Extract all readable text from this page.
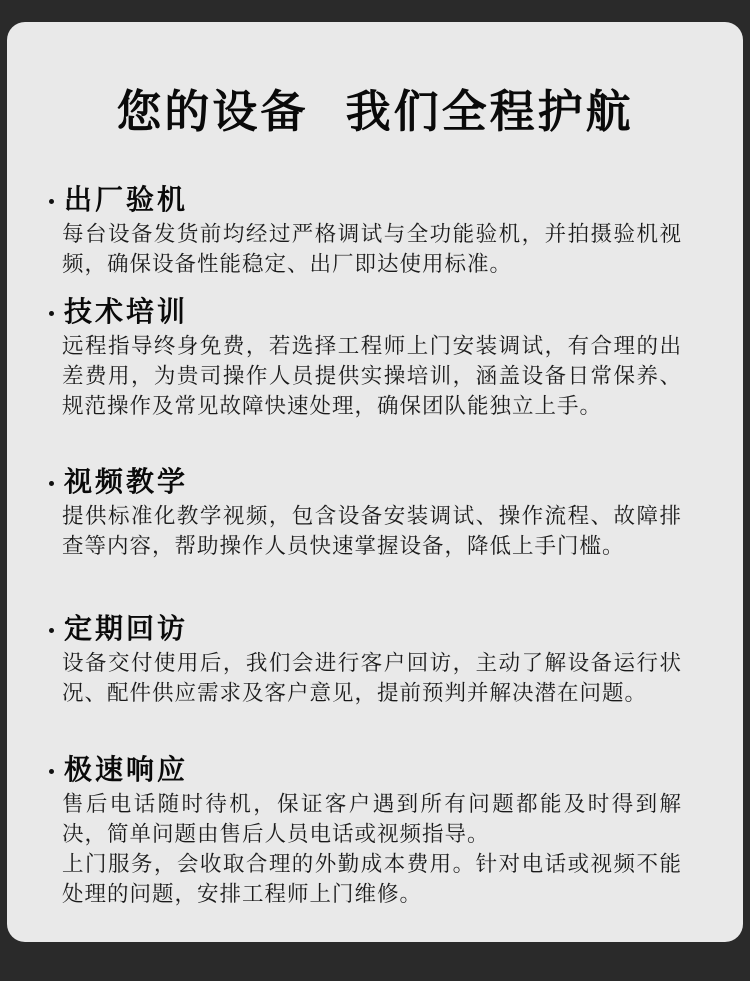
您的设备  我们全程护航
出厂验机

每台设备发货前均经过严格调试与全功能验机，并拍摄验机视频，确保设备性能稳定、出厂即达使用标准。

技术培训

远程指导终身免费，若选择工程师上门安装调试，有合理的出差费用，为贵司操作人员提供实操培训，涵盖设备日常保养、规范操作及常见故障快速处理，确保团队能独立上手。

视频教学

提供标准化教学视频，包含设备安装调试、操作流程、故障排查等内容，帮助操作人员快速掌握设备，降低上手门槛。

定期回访

设备交付使用后，我们会进行客户回访，主动了解设备运行状况、配件供应需求及客户意见，提前预判并解决潜在问题。

极速响应

售后电话随时待机，保证客户遇到所有问题都能及时得到解决，简单问题由售后人员电话或视频指导。

上门服务，会收取合理的外勤成本费用。针对电话或视频不能处理的问题，安排工程师上门维修。
